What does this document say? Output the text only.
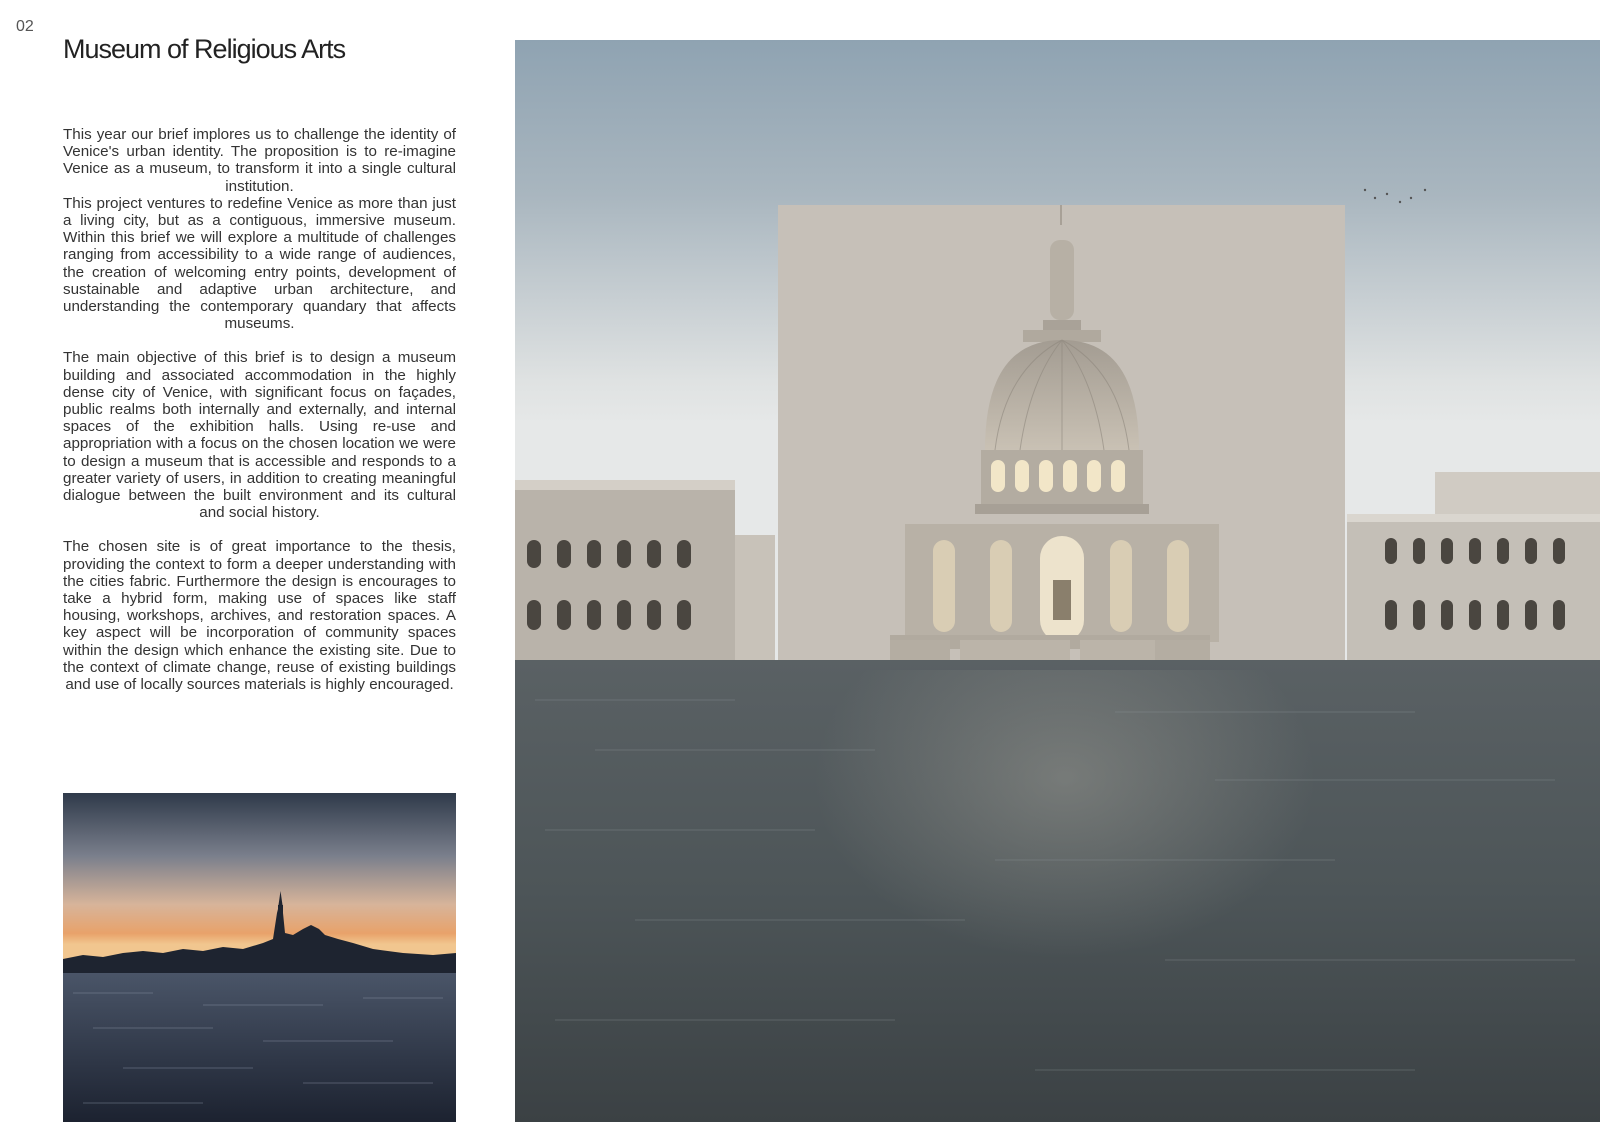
02
Museum of Religious Arts

This year our brief implores us to challenge the identity of Venice's urban identity. The proposition is to re-imagine Venice as a museum, to transform it into a single cultural institution.

This project ventures to redefine Venice as more than just a living city, but as a contiguous, immersive museum. Within this brief we will explore a multitude of challenges ranging from accessibility to a wide range of audiences, the creation of welcoming entry points, development of sustainable and adaptive urban architecture, and understanding the contemporary quandary that affects museums.

The main objective of this brief is to design a museum building and associated accommodation in the highly dense city of Venice, with significant focus on façades, public realms both internally and externally, and internal spaces of the exhibition halls. Using re-use and appropriation with a focus on the chosen location we were to design a museum that is accessible and responds to a greater variety of users, in addition to creating meaningful dialogue between the built environment and its cultural and social history.

The chosen site is of great importance to the thesis, providing the context to form a deeper understanding with the cities fabric. Furthermore the design is encourages to take a hybrid form, making use of spaces like staff housing, workshops, archives, and restoration spaces. A key aspect will be incorporation of community spaces within the design which enhance the existing site. Due to the context of climate change, reuse of existing buildings and use of locally sources materials is highly encouraged.
